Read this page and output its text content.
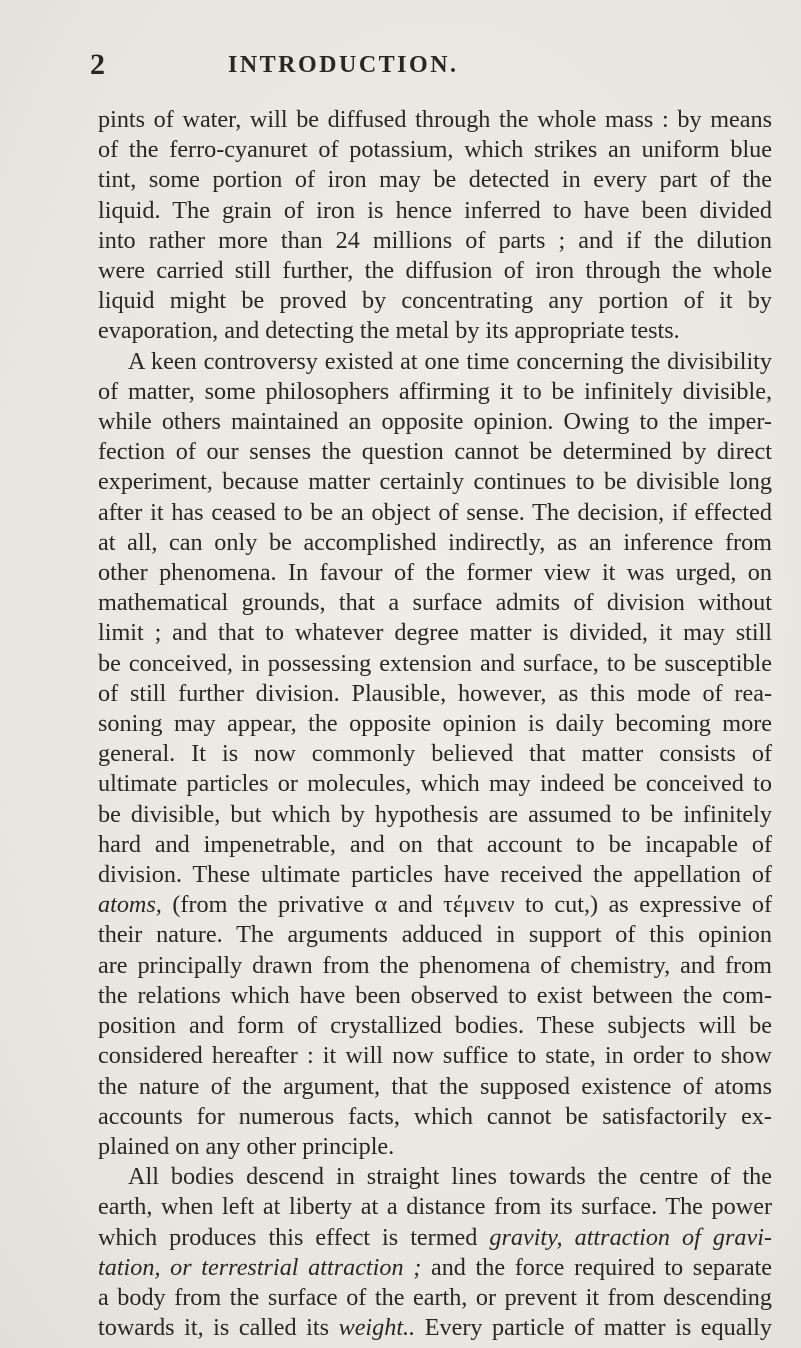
2	INTRODUCTION.

pints of water, will be diffused through the whole mass : by means
of the ferro-cyanuret of potassium, which strikes an uniform blue
tint, some portion of iron may be detected in every part of the
liquid. The grain of iron is hence inferred to have been divided
into rather more than 24 millions of parts ; and if the dilution
were carried still further, the diffusion of iron through the whole
liquid might be proved by concentrating any portion of it by
evaporation, and detecting the metal by its appropriate tests.

A keen controversy existed at one time concerning the divisibility
of matter, some philosophers affirming it to be infinitely divisible,
while others maintained an opposite opinion. Owing to the imper-
fection of our senses the question cannot be determined by direct
experiment, because matter certainly continues to be divisible long
after it has ceased to be an object of sense. The decision, if effected
at all, can only be accomplished indirectly, as an inference from
other phenomena. In favour of the former view it was urged, on
mathematical grounds, that a surface admits of division without
limit ; and that to whatever degree matter is divided, it may still
be conceived, in possessing extension and surface, to be susceptible
of still further division. Plausible, however, as this mode of rea-
soning may appear, the opposite opinion is daily becoming more
general. It is now commonly believed that matter consists of
ultimate particles or molecules, which may indeed be conceived to
be divisible, but which by hypothesis are assumed to be infinitely
hard and impenetrable, and on that account to be incapable of
division. These ultimate particles have received the appellation of
atoms, (from the privative α and τέμνειν to cut,) as expressive of
their nature. The arguments adduced in support of this opinion
are principally drawn from the phenomena of chemistry, and from
the relations which have been observed to exist between the com-
position and form of crystallized bodies. These subjects will be
considered hereafter : it will now suffice to state, in order to show
the nature of the argument, that the supposed existence of atoms
accounts for numerous facts, which cannot be satisfactorily ex-
plained on any other principle.

All bodies descend in straight lines towards the centre of the
earth, when left at liberty at a distance from its surface. The power
which produces this effect is termed gravity, attraction of gravi-
tation, or terrestrial attraction ; and the force required to separate
a body from the surface of the earth, or prevent it from descending
towards it, is called its weight.. Every particle of matter is equally
